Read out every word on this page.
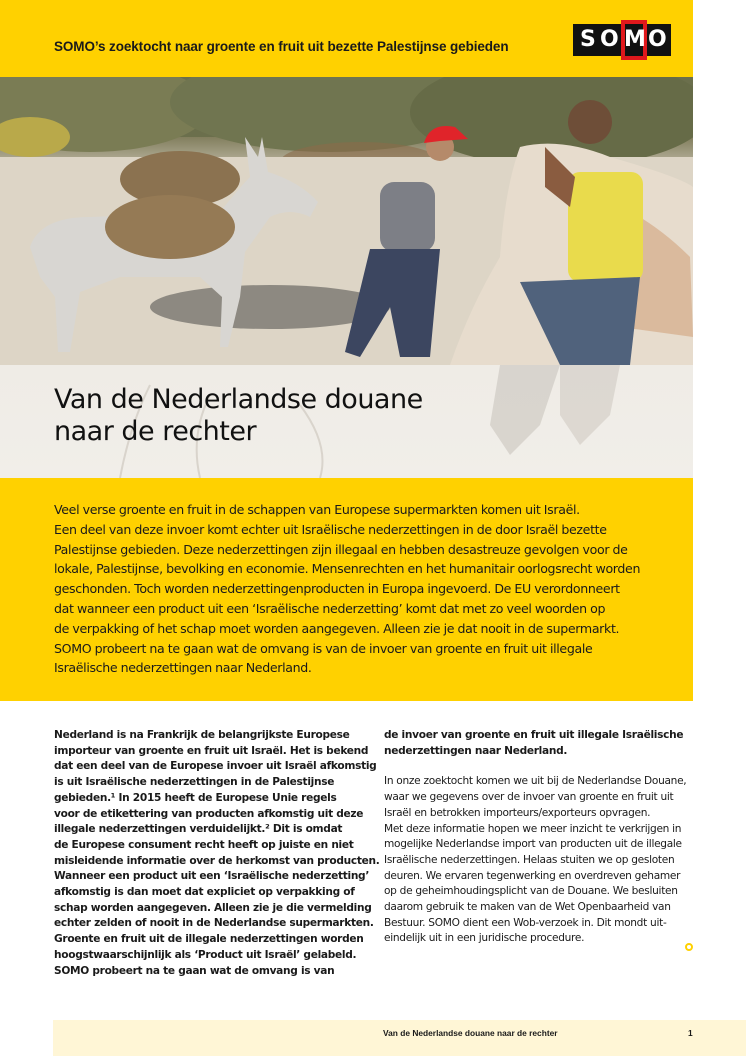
SOMO’s zoektocht naar groente en fruit uit bezette Palestijnse gebieden	S O M O
Van de Nederlandse douane
naar de rechter

Veel verse groente en fruit in de schappen van Europese supermarkten komen uit Israël.

Een deel van deze invoer komt echter uit Israëlische nederzettingen in de door Israël bezette

Palestijnse gebieden. Deze nederzettingen zijn illegaal en hebben desastreuze gevolgen voor de

lokale, Palestijnse, bevolking en economie. Mensenrechten en het humanitair oorlogsrecht worden

geschonden. Toch worden nederzettingenproducten in Europa ingevoerd. De EU verordonneert

dat wanneer een product uit een ‘Israëlische nederzetting’ komt dat met zo veel woorden op

de verpakking of het schap moet worden aangegeven. Alleen zie je dat nooit in de supermarkt.

SOMO probeert na te gaan wat de omvang is van de invoer van groente en fruit uit illegale

Israëlische nederzettingen naar Nederland.

Nederland is na Frankrijk de belangrijkste Europese

importeur van groente en fruit uit Israël. Het is bekend

dat een deel van de Europese invoer uit Israël afkomstig

is uit Israëlische nederzettingen in de Palestijnse

gebieden.¹ In 2015 heeft de Europese Unie regels

voor de etikettering van producten afkomstig uit deze

illegale nederzettingen verduidelijkt.² Dit is omdat

de Europese consument recht heeft op juiste en niet

misleidende informatie over de herkomst van producten.

Wanneer een product uit een ‘Israëlische nederzetting’

afkomstig is dan moet dat expliciet op verpakking of

schap worden aangegeven. Alleen zie je die vermelding

echter zelden of nooit in de Nederlandse supermarkten.

Groente en fruit uit de illegale nederzettingen worden

hoogstwaarschijnlijk als ‘Product uit Israël’ gelabeld.

SOMO probeert na te gaan wat de omvang is van

de invoer van groente en fruit uit illegale Israëlische

nederzettingen naar Nederland.

In onze zoektocht komen we uit bij de Nederlandse Douane,

waar we gegevens over de invoer van groente en fruit uit

Israël en betrokken importeurs/exporteurs opvragen.

Met deze informatie hopen we meer inzicht te verkrijgen in

mogelijke Nederlandse import van producten uit de illegale

Israëlische nederzettingen. Helaas stuiten we op gesloten

deuren. We ervaren tegenwerking en overdreven gehamer

op de geheimhoudingsplicht van de Douane. We besluiten

daarom gebruik te maken van de Wet Openbaarheid van

Bestuur. SOMO dient een Wob-verzoek in. Dit mondt uit-

eindelijk uit in een juridische procedure.

Van de Nederlandse douane naar de rechter	1
